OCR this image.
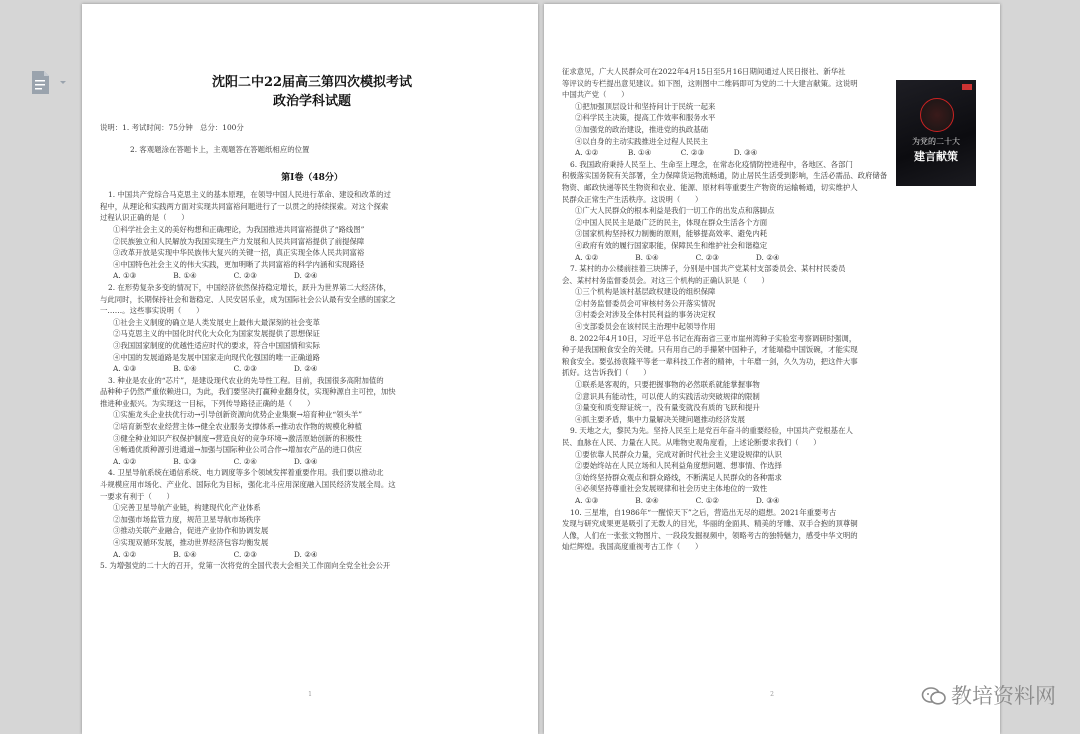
沈阳二中22届高三第四次模拟考试
政治学科试题
说明：1. 考试时间：75分钟　总分：100分
2. 客观题涂在答题卡上，主观题答在答题纸相应的位置
第Ⅰ卷（48分）
1. 中国共产党综合马克思主义的基本原理，在领导中国人民进行革命、建设和改革的过
程中，从理论和实践两方面对实现共同富裕问题进行了一以贯之的持续探索。对这个探索
过程认识正确的是（　　）
①科学社会主义的美好构想和正确理论，为我国推进共同富裕提供了“路线图”
②民族独立和人民解放为我国实现生产力发展和人民共同富裕提供了前提保障
③改革开放是实现中华民族伟大复兴的关键一招，真正实现全体人民共同富裕
④中国特色社会主义的伟大实践，更加明晰了共同富裕的科学内涵和实现路径
A. ①③　　　　　B. ①④　　　　　C. ②③　　　　　D. ②④
2. 在形势复杂多变的情况下，中国经济依然保持稳定增长，跃升为世界第二大经济体，
与此同时，长期保持社会和谐稳定、人民安居乐业，成为国际社会公认最有安全感的国家之
一……。这些事实说明（　　）
①社会主义制度的确立是人类发展史上最伟大最深刻的社会变革
②马克思主义的中国化时代化大众化为国家发展提供了思想保证
③我国国家制度的优越性适应时代的要求，符合中国国情和实际
④中国的发展道路是发展中国家走向现代化强国的唯一正确道路
A. ①③　　　　　B. ①④　　　　　C. ②③　　　　　D. ②④
3. 种业是农业的“芯片”，是建设现代农业的先导性工程。目前，我国很多高附加值的
品种种子仍然严重依赖进口，为此，我们要坚决打赢种业翻身仗，实现种源自主可控，加快
推进种业振兴。为实现这一目标，下列传导路径正确的是（　　）
①实施龙头企业扶优行动→引导创新资源向优势企业集聚→培育种业“领头羊”
②培育新型农业经营主体→健全农业服务支撑体系→推动农作物的规模化种植
③健全种业知识产权保护制度→营造良好的竞争环境→激活原始创新的积极性
④畅通优质种源引进通道→加强与国际种业公司合作→增加农产品的进口供应
A. ①②　　　　　B. ①③　　　　　C. ②④　　　　　D. ③④
4. 卫星导航系统在通信系统、电力调度等多个领域发挥着重要作用。我们要以推动北
斗规模应用市场化、产业化、国际化为目标，强化北斗应用深度融入国民经济发展全局。这
一要求有利于（　　）
①完善卫星导航产业链，构建现代化产业体系
②加强市场监管力度，规范卫星导航市场秩序
③推动关联产业融合，促进产业协作和协调发展
④实现双循环发展，推动世界经济包容均衡发展
A. ①②　　　　　B. ①④　　　　　C. ②③　　　　　D. ②④
5. 为增强党的二十大的召开，党第一次将党的全国代表大会相关工作面向全党全社会公开
1
征求意见，广大人民群众可在2022年4月15日至5月16日期间通过人民日报社、新华社
等评议的专栏提出意见建议。如下图，这则图中二维码即可为党的二十大建言献策。这说明
中国共产党（　　）
①把加强顶层设计和坚持问计于民统一起来
②科学民主决策，提高工作效率和服务水平
③加强党的政治建设，推进党的执政基础
④以自身的主动实践推进全过程人民民主
A. ①②　　　　B. ①④　　　　C. ②③　　　　D. ③④
6. 我国政府秉持人民至上、生命至上理念，在常态化疫情防控进程中，各地区、各部门
积极落实国务院有关部署，全力保障货运物流畅通，防止居民生活受到影响，生活必需品、政府储备
物资、邮政快递等民生物资和农业、能源、原材料等重要生产物资的运输畅通，切实维护人
民群众正常生产生活秩序。这说明（　　）
①广大人民群众的根本利益是我们一切工作的出发点和落脚点
②中国人民民主是最广泛的民主，体现在群众生活各个方面
③国家机构坚持权力制衡的原则，能够提高效率、避免内耗
④政府有效的履行国家职能，保障民生和维护社会和谐稳定
A. ①②　　　　　B. ①④　　　　　C. ②③　　　　　D. ②④
7. 某村的办公楼前挂着三块牌子，分别是中国共产党某村支部委员会、某村村民委员
会、某村村务监督委员会。对这三个机构的正确认识是（　　）
①三个机构是该村基层政权建设的组织保障
②村务监督委员会可审核村务公开落实情况
③村委会对涉及全体村民利益的事务决定权
④支部委员会在该村民主治理中起领导作用
8. 2022年4月10日，习近平总书记在海南省三亚市崖州湾种子实验室考察调研时强调，
种子是我国粮食安全的关键。只有用自己的手攥紧中国种子，才能端稳中国饭碗，才能实现
粮食安全。要弘扬袁隆平等老一辈科技工作者的精神，十年磨一剑，久久为功，把这件大事
抓好。这告诉我们（　　）
①联系是客观的，只要把握事物的必然联系就能掌握事物
②意识具有能动性，可以使人的实践活动突破规律的限制
③量变和质变辩证统一，没有量变就没有质的飞跃和提升
④抓主要矛盾，集中力量解决关键问题推动经济发展
9. 天地之大，黎民为先。坚持人民至上是党百年奋斗的重要经验，中国共产党根基在人
民、血脉在人民、力量在人民。从唯物史观角度看，上述论断要求我们（　　）
①要依靠人民群众力量，完成对新时代社会主义建设规律的认识
②要始终站在人民立场和人民利益角度想问题、想事情、作选择
③始终坚持群众观点和群众路线，不断满足人民群众的各种需求
④必须坚持尊重社会发展规律和社会历史主体地位的一致性
A. ①③　　　　　B. ②④　　　　　C. ①②　　　　　D. ③④
10. 三星堆，自1986年“一醒惊天下”之后，营造出无尽的遐想。2021年重要考古
发现与研究成果更是吸引了无数人的目光，华丽的金面具、精美的牙雕、双手合抱的顶尊铜
人像，人们在一张张文物图片、一段段发掘视频中，领略考古的独特魅力，感受中华文明的
灿烂辉煌。我国高度重视考古工作（　　）
为党的二十大
建言献策
2	教培资料网
